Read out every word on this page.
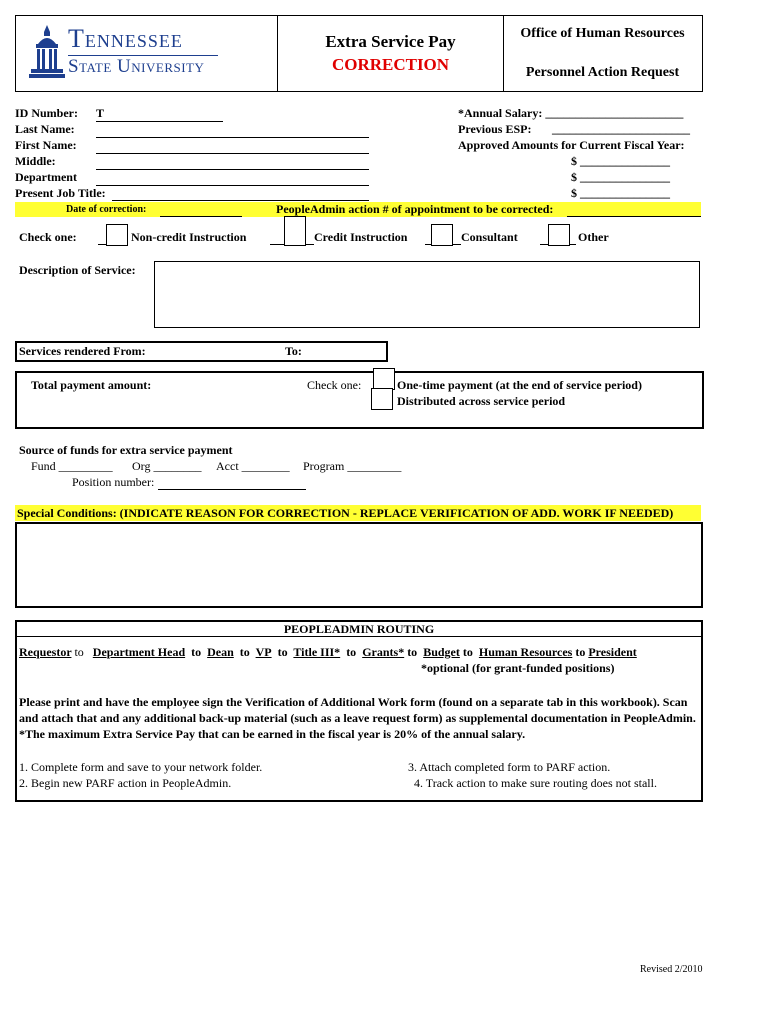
Tennessee
State University
Extra Service Pay
CORRECTION
Office of Human Resources
Personnel Action Request
ID Number: T
Last Name:
First Name:
Middle:
Department
Present Job Title:
*Annual Salary: _______________________
Previous ESP: _______________________
Approved Amounts for Current Fiscal Year:
$ _______________
$ _______________
$ _______________
Date of correction:	PeopleAdmin action # of appointment to be corrected:
Check one:	Non-credit Instruction	Credit Instruction	Consultant	Other
Description of Service:
Services rendered From:	To:
Total payment amount:	Check one:	One-time payment (at the end of service period)
Distributed across service period
Source of funds for extra service payment
Fund _________ Org ________ Acct ________ Program _________
Position number:
Special Conditions: (INDICATE REASON FOR CORRECTION - REPLACE VERIFICATION OF ADD. WORK IF NEEDED)
PEOPLEADMIN ROUTING
Requestor to Department Head to Dean to VP to Title III* to Grants* to Budget to Human Resources to President
*optional (for grant-funded positions)
Please print and have the employee sign the Verification of Additional Work form (found on a separate tab in this workbook). Scan and attach that and any additional back-up material (such as a leave request form) as supplemental documentation in PeopleAdmin. *The maximum Extra Service Pay that can be earned in the fiscal year is 20% of the annual salary.
1. Complete form and save to your network folder.
2. Begin new PARF action in PeopleAdmin.
3. Attach completed form to PARF action.
4. Track action to make sure routing does not stall.
Revised 2/2010
